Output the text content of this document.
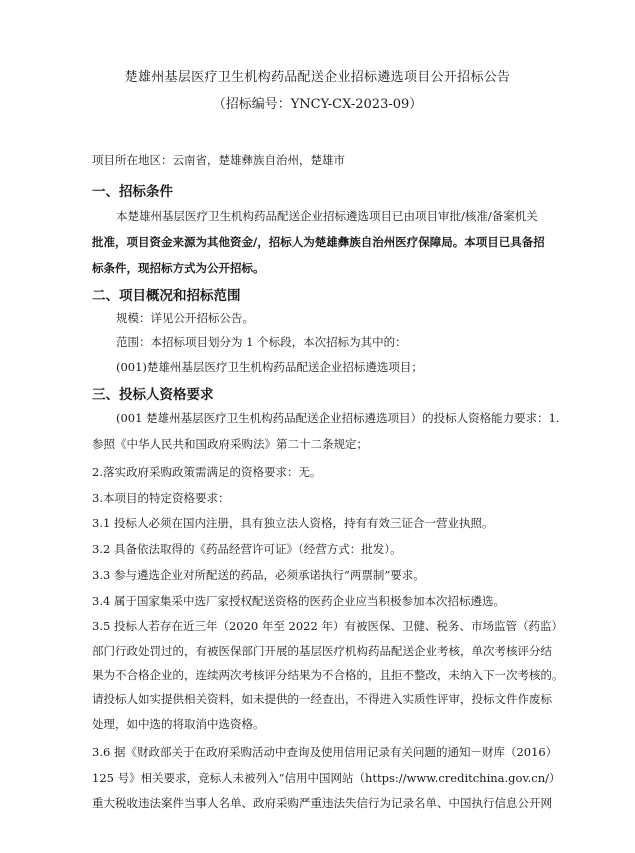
楚雄州基层医疗卫生机构药品配送企业招标遴选项目公开招标公告
（招标编号：YNCY-CX-2023-09）
项目所在地区：云南省，楚雄彝族自治州，楚雄市
一、招标条件
本楚雄州基层医疗卫生机构药品配送企业招标遴选项目已由项目审批/核准/备案机关
批准，项目资金来源为其他资金/，招标人为楚雄彝族自治州医疗保障局。本项目已具备招
标条件，现招标方式为公开招标。
二、项目概况和招标范围
规模：详见公开招标公告。
范围：本招标项目划分为 1 个标段，本次招标为其中的：
(001)楚雄州基层医疗卫生机构药品配送企业招标遴选项目；
三、投标人资格要求
(001 楚雄州基层医疗卫生机构药品配送企业招标遴选项目）的投标人资格能力要求：1.
参照《中华人民共和国政府采购法》第二十二条规定；
2.落实政府采购政策需满足的资格要求：无。
3.本项目的特定资格要求：
3.1 投标人必须在国内注册，具有独立法人资格，持有有效三证合一营业执照。
3.2 具备依法取得的《药品经营许可证》（经营方式：批发）。
3.3 参与遴选企业对所配送的药品，必须承诺执行“两票制”要求。
3.4 属于国家集采中选厂家授权配送资格的医药企业应当积极参加本次招标遴选。
3.5 投标人若存在近三年（2020 年至 2022 年）有被医保、卫健、税务、市场监管（药监）
部门行政处罚过的，有被医保部门开展的基层医疗机构药品配送企业考核，单次考核评分结
果为不合格企业的，连续两次考核评分结果为不合格的，且拒不整改，未纳入下一次考核的。
请投标人如实提供相关资料，如未提供的一经查出，不得进入实质性评审，投标文件作废标
处理，如中选的将取消中选资格。
3.6 据《财政部关于在政府采购活动中查询及使用信用记录有关问题的通知－财库（2016）
125 号》相关要求，竞标人未被列入“信用中国网站（https://www.creditchina.gov.cn/）
重大税收违法案件当事人名单、政府采购严重违法失信行为记录名单、中国执行信息公开网
